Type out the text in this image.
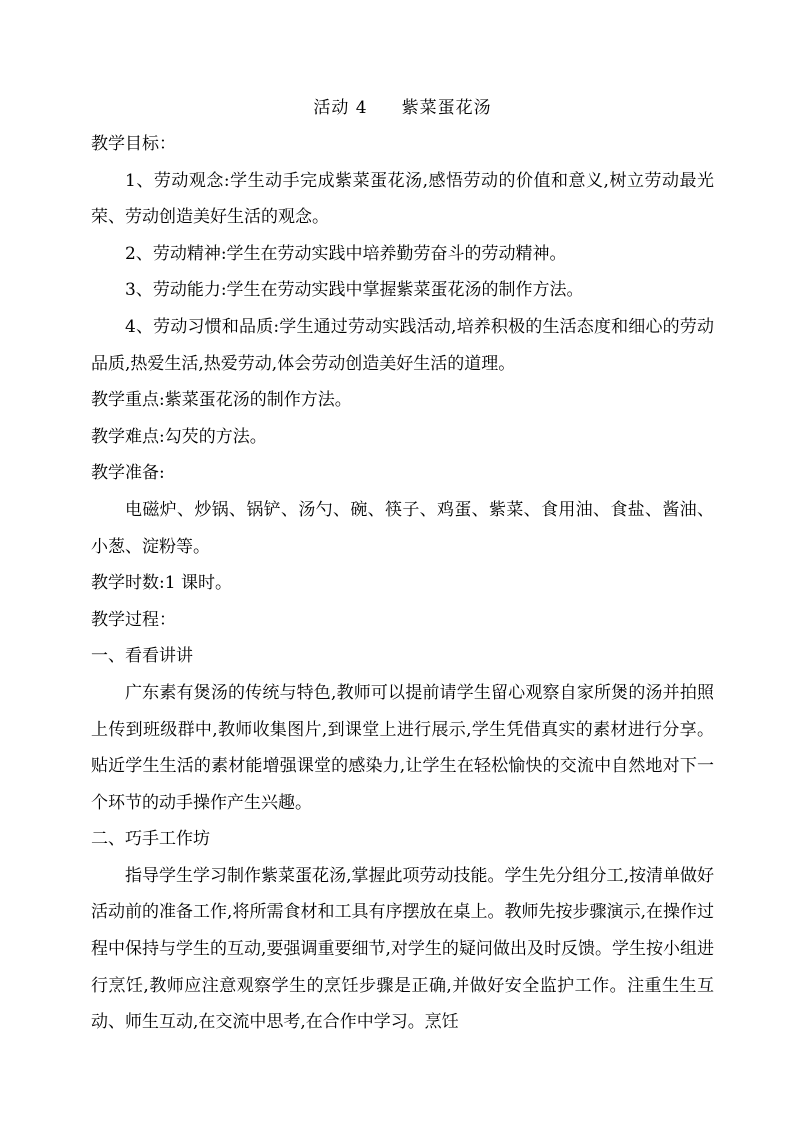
活动 4 紫菜蛋花汤

教学目标：

1、劳动观念:学生动手完成紫菜蛋花汤,感悟劳动的价值和意义,树立劳动最光荣、劳动创造美好生活的观念。

2、劳动精神:学生在劳动实践中培养勤劳奋斗的劳动精神。

3、劳动能力:学生在劳动实践中掌握紫菜蛋花汤的制作方法。

4、劳动习惯和品质:学生通过劳动实践活动,培养积极的生活态度和细心的劳动品质,热爱生活,热爱劳动,体会劳动创造美好生活的道理。

教学重点:紫菜蛋花汤的制作方法。

教学难点:勾芡的方法。

教学准备:

电磁炉、炒锅、锅铲、汤勺、碗、筷子、鸡蛋、紫菜、食用油、食盐、酱油、小葱、淀粉等。

教学时数:1 课时。

教学过程：

一、看看讲讲

广东素有煲汤的传统与特色,教师可以提前请学生留心观察自家所煲的汤并拍照上传到班级群中,教师收集图片,到课堂上进行展示,学生凭借真实的素材进行分享。贴近学生生活的素材能增强课堂的感染力,让学生在轻松愉快的交流中自然地对下一个环节的动手操作产生兴趣。

二、巧手工作坊

指导学生学习制作紫菜蛋花汤,掌握此项劳动技能。学生先分组分工,按清单做好活动前的准备工作,将所需食材和工具有序摆放在桌上。教师先按步骤演示,在操作过程中保持与学生的互动,要强调重要细节,对学生的疑问做出及时反馈。学生按小组进行烹饪,教师应注意观察学生的烹饪步骤是正确,并做好安全监护工作。注重生生互动、师生互动,在交流中思考,在合作中学习。烹饪
